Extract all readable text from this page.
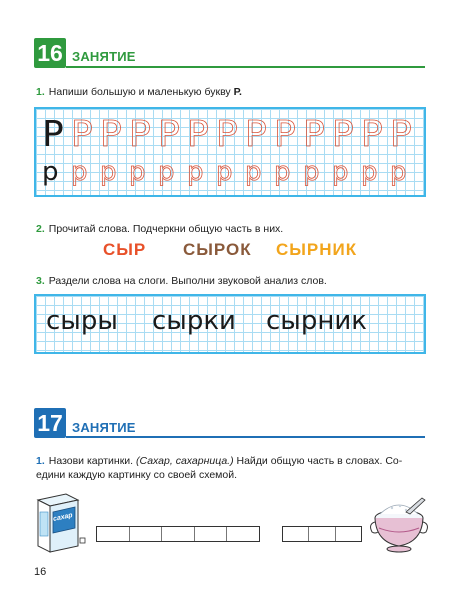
16 ЗАНЯТИЕ
1. Напиши большую и маленькую букву Р.
Р Р Р Р Р Р Р Р Р Р Р Р Р
р р р р р р р р р р р р р
2. Прочитай слова. Подчеркни общую часть в них.
СЫР СЫРОК СЫРНИК
3. Раздели слова на слоги. Выполни звуковой анализ слов.
сыры сырки сырник
17 ЗАНЯТИЕ
1. Назови картинки. (Сахар, сахарница.) Найди общую часть в словах. Со-
едини каждую картинку со своей схемой.
сахар
16
